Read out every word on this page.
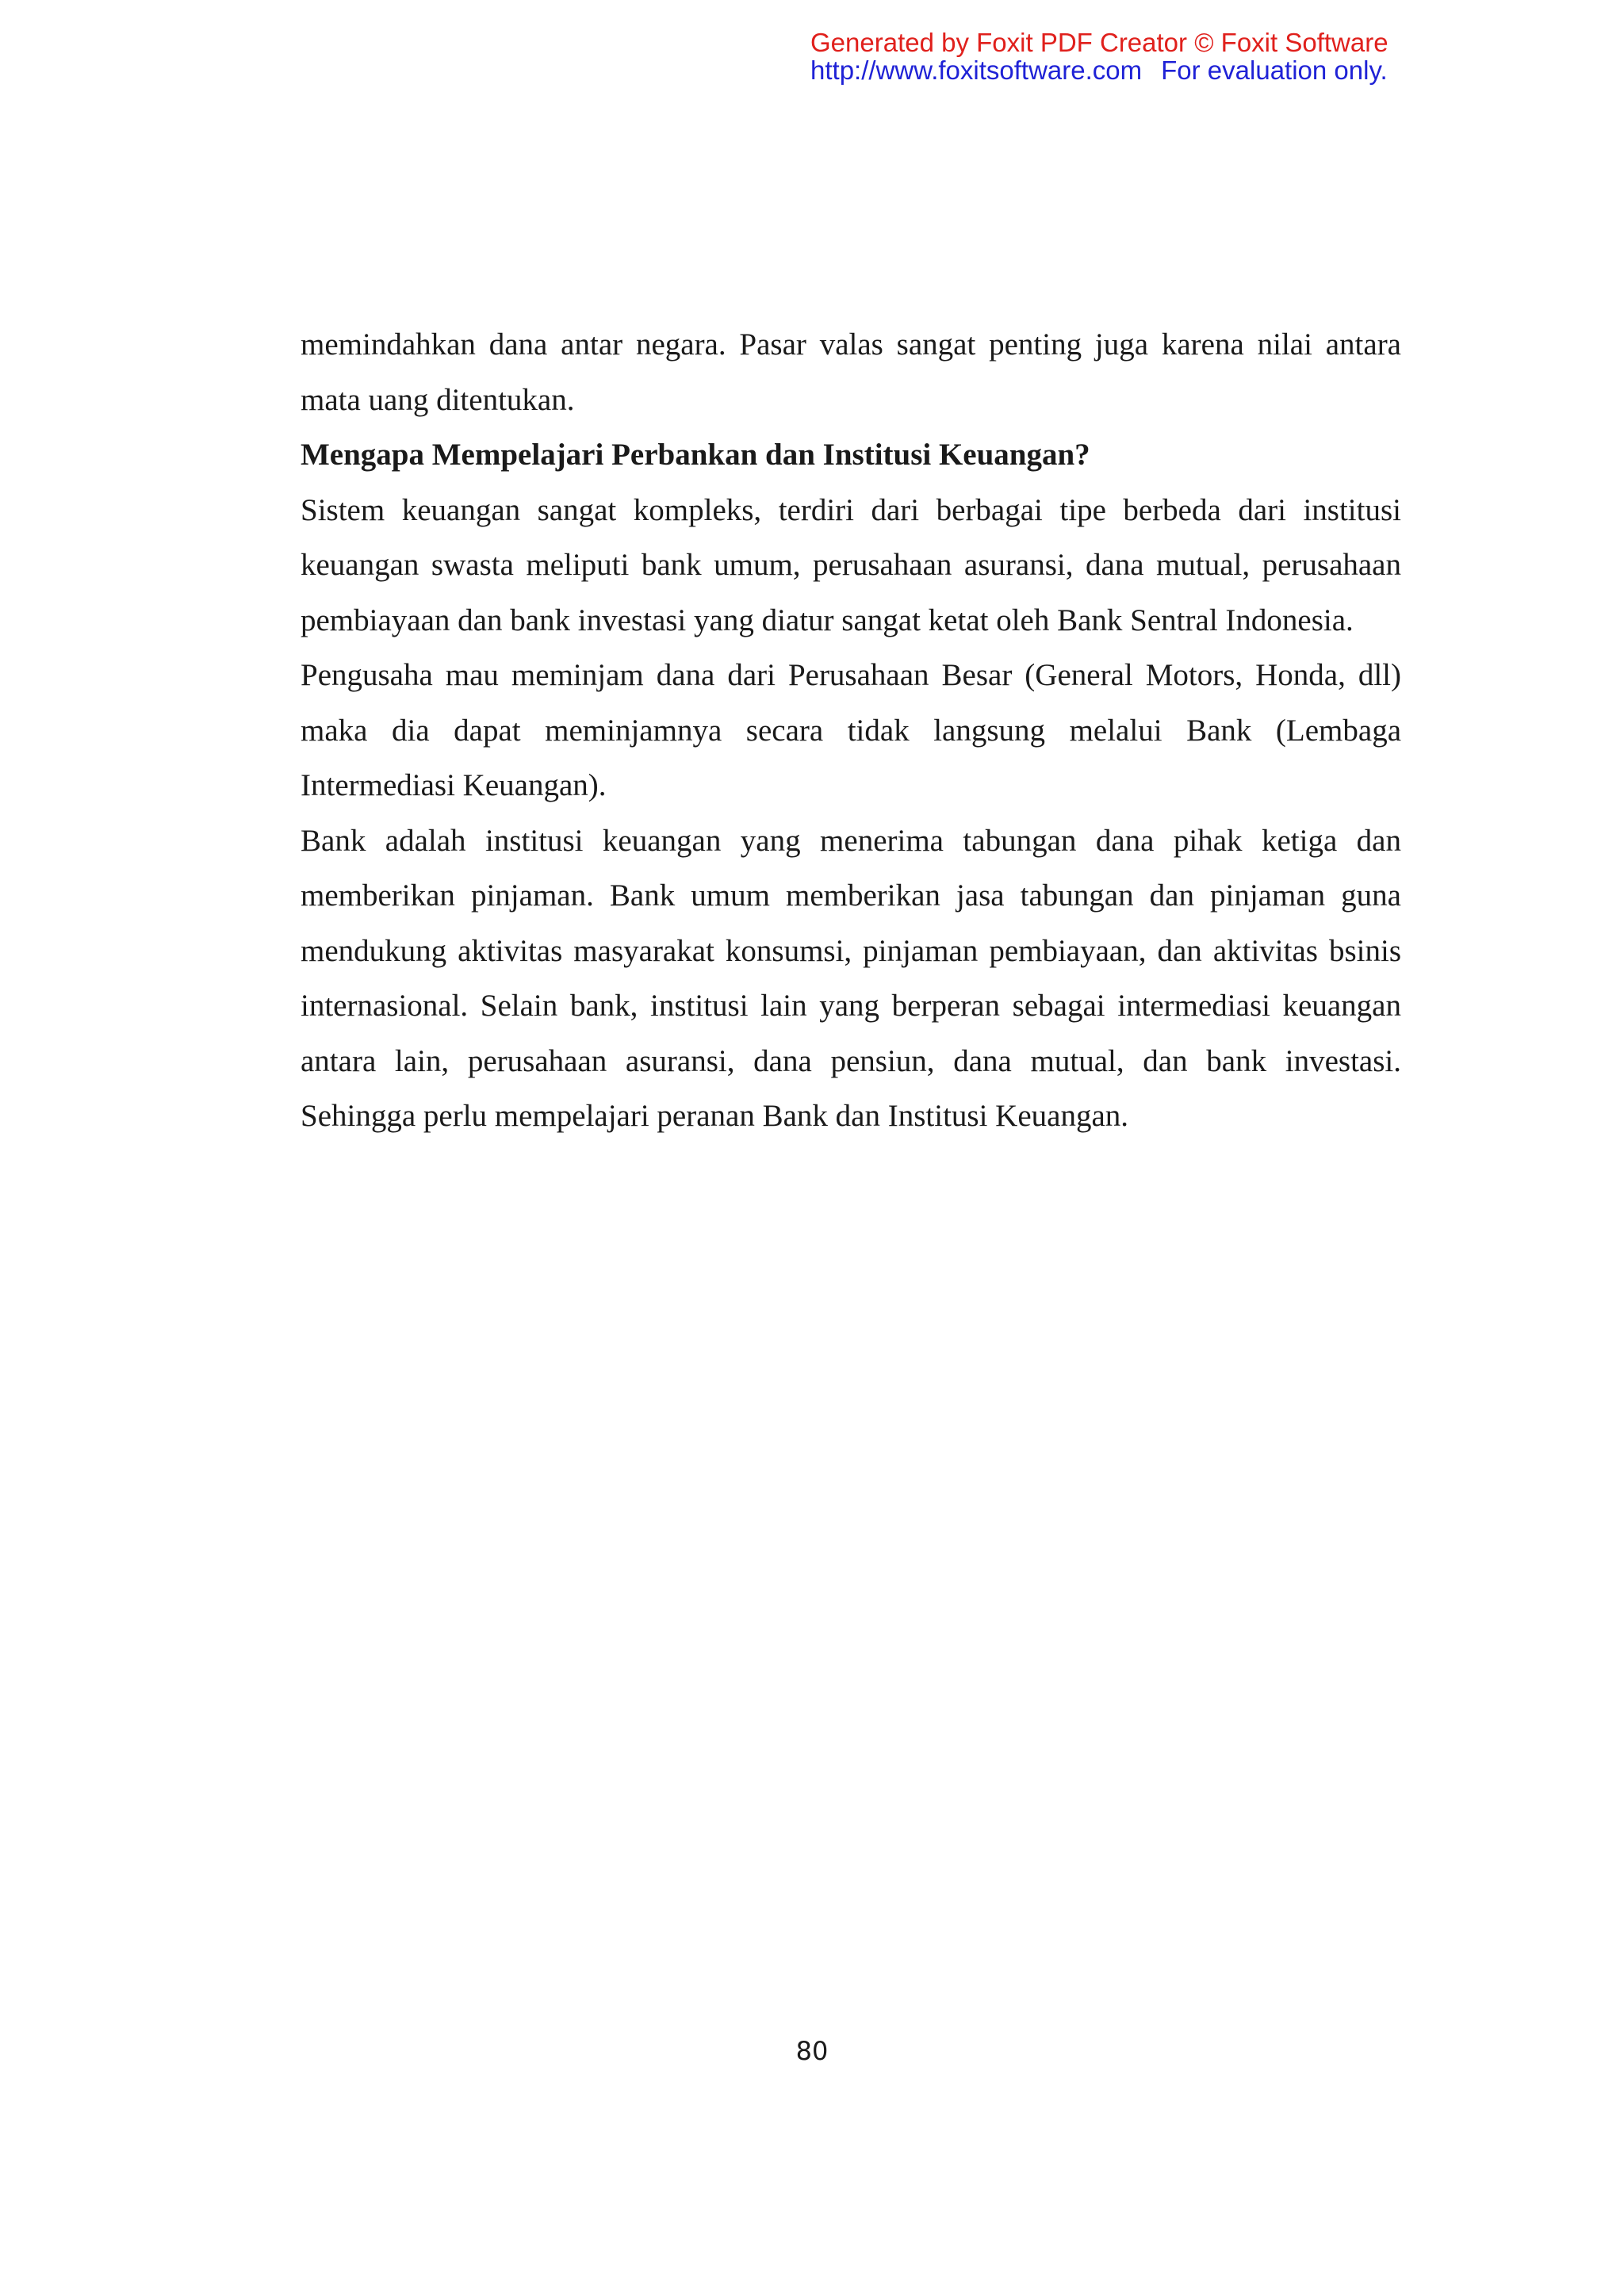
Generated by Foxit PDF Creator © Foxit Software
http://www.foxitsoftware.com For evaluation only.

memindahkan dana antar negara. Pasar valas sangat penting juga karena nilai antara mata uang ditentukan.

Mengapa Mempelajari Perbankan dan Institusi Keuangan?

Sistem keuangan sangat kompleks, terdiri dari berbagai tipe berbeda dari institusi keuangan swasta meliputi bank umum, perusahaan asuransi, dana mutual, perusahaan pembiayaan dan bank investasi yang diatur sangat ketat oleh Bank Sentral Indonesia.

Pengusaha mau meminjam dana dari Perusahaan Besar (General Motors, Honda, dll) maka dia dapat meminjamnya secara tidak langsung melalui Bank (Lembaga Intermediasi Keuangan).

Bank adalah institusi keuangan yang menerima tabungan dana pihak ketiga dan memberikan pinjaman. Bank umum memberikan jasa tabungan dan pinjaman guna mendukung aktivitas masyarakat konsumsi, pinjaman pembiayaan, dan aktivitas bsinis internasional. Selain bank, institusi lain yang berperan sebagai intermediasi keuangan antara lain, perusahaan asuransi, dana pensiun, dana mutual, dan bank investasi. Sehingga perlu mempelajari peranan Bank dan Institusi Keuangan.

80
